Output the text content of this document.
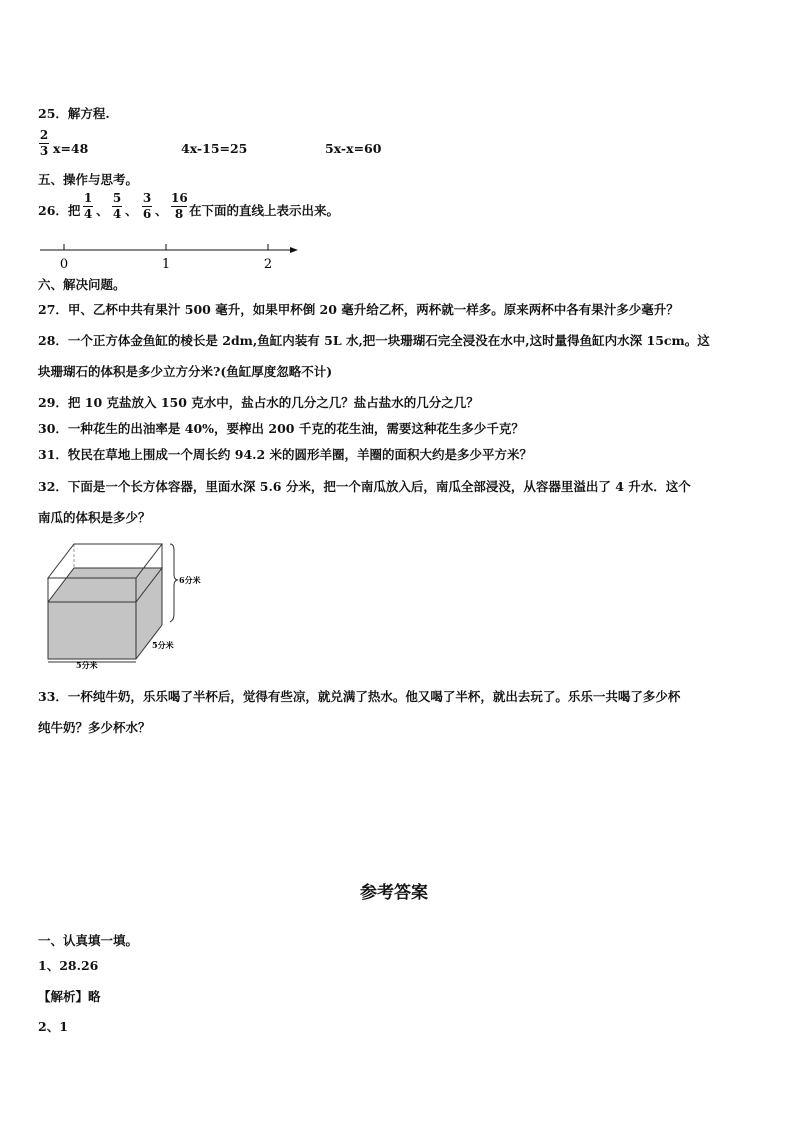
25．解方程.
2
3 x=48	4x-15=25	5x-x=60
五、操作与思考。
26．把
1
4 、
5
4 、
3
6 、
16
8 在下面的直线上表示出来。
0	1	2
六、解决问题。
27．甲、乙杯中共有果汁 500 毫升，如果甲杯倒 20 毫升给乙杯，两杯就一样多。原来两杯中各有果汁多少毫升？
28．一个正方体金鱼缸的棱长是 2dm,鱼缸内装有 5L 水,把一块珊瑚石完全浸没在水中,这时量得鱼缸内水深 15cm。这
块珊瑚石的体积是多少立方分米?(鱼缸厚度忽略不计)
29．把 10 克盐放入 150 克水中，盐占水的几分之几？盐占盐水的几分之几？
30．一种花生的出油率是 40%，要榨出 200 千克的花生油，需要这种花生多少千克？
31．牧民在草地上围成一个周长约 94.2 米的圆形羊圈，羊圈的面积大约是多少平方米？
32．下面是一个长方体容器，里面水深 5.6 分米，把一个南瓜放入后，南瓜全部浸没，从容器里溢出了 4 升水．这个
南瓜的体积是多少？
6分米
5分米
5分米
33．一杯纯牛奶，乐乐喝了半杯后，觉得有些凉，就兑满了热水。他又喝了半杯，就出去玩了。乐乐一共喝了多少杯
纯牛奶？多少杯水？
参考答案
一、认真填一填。
1、28.26
【解析】略
2、1
